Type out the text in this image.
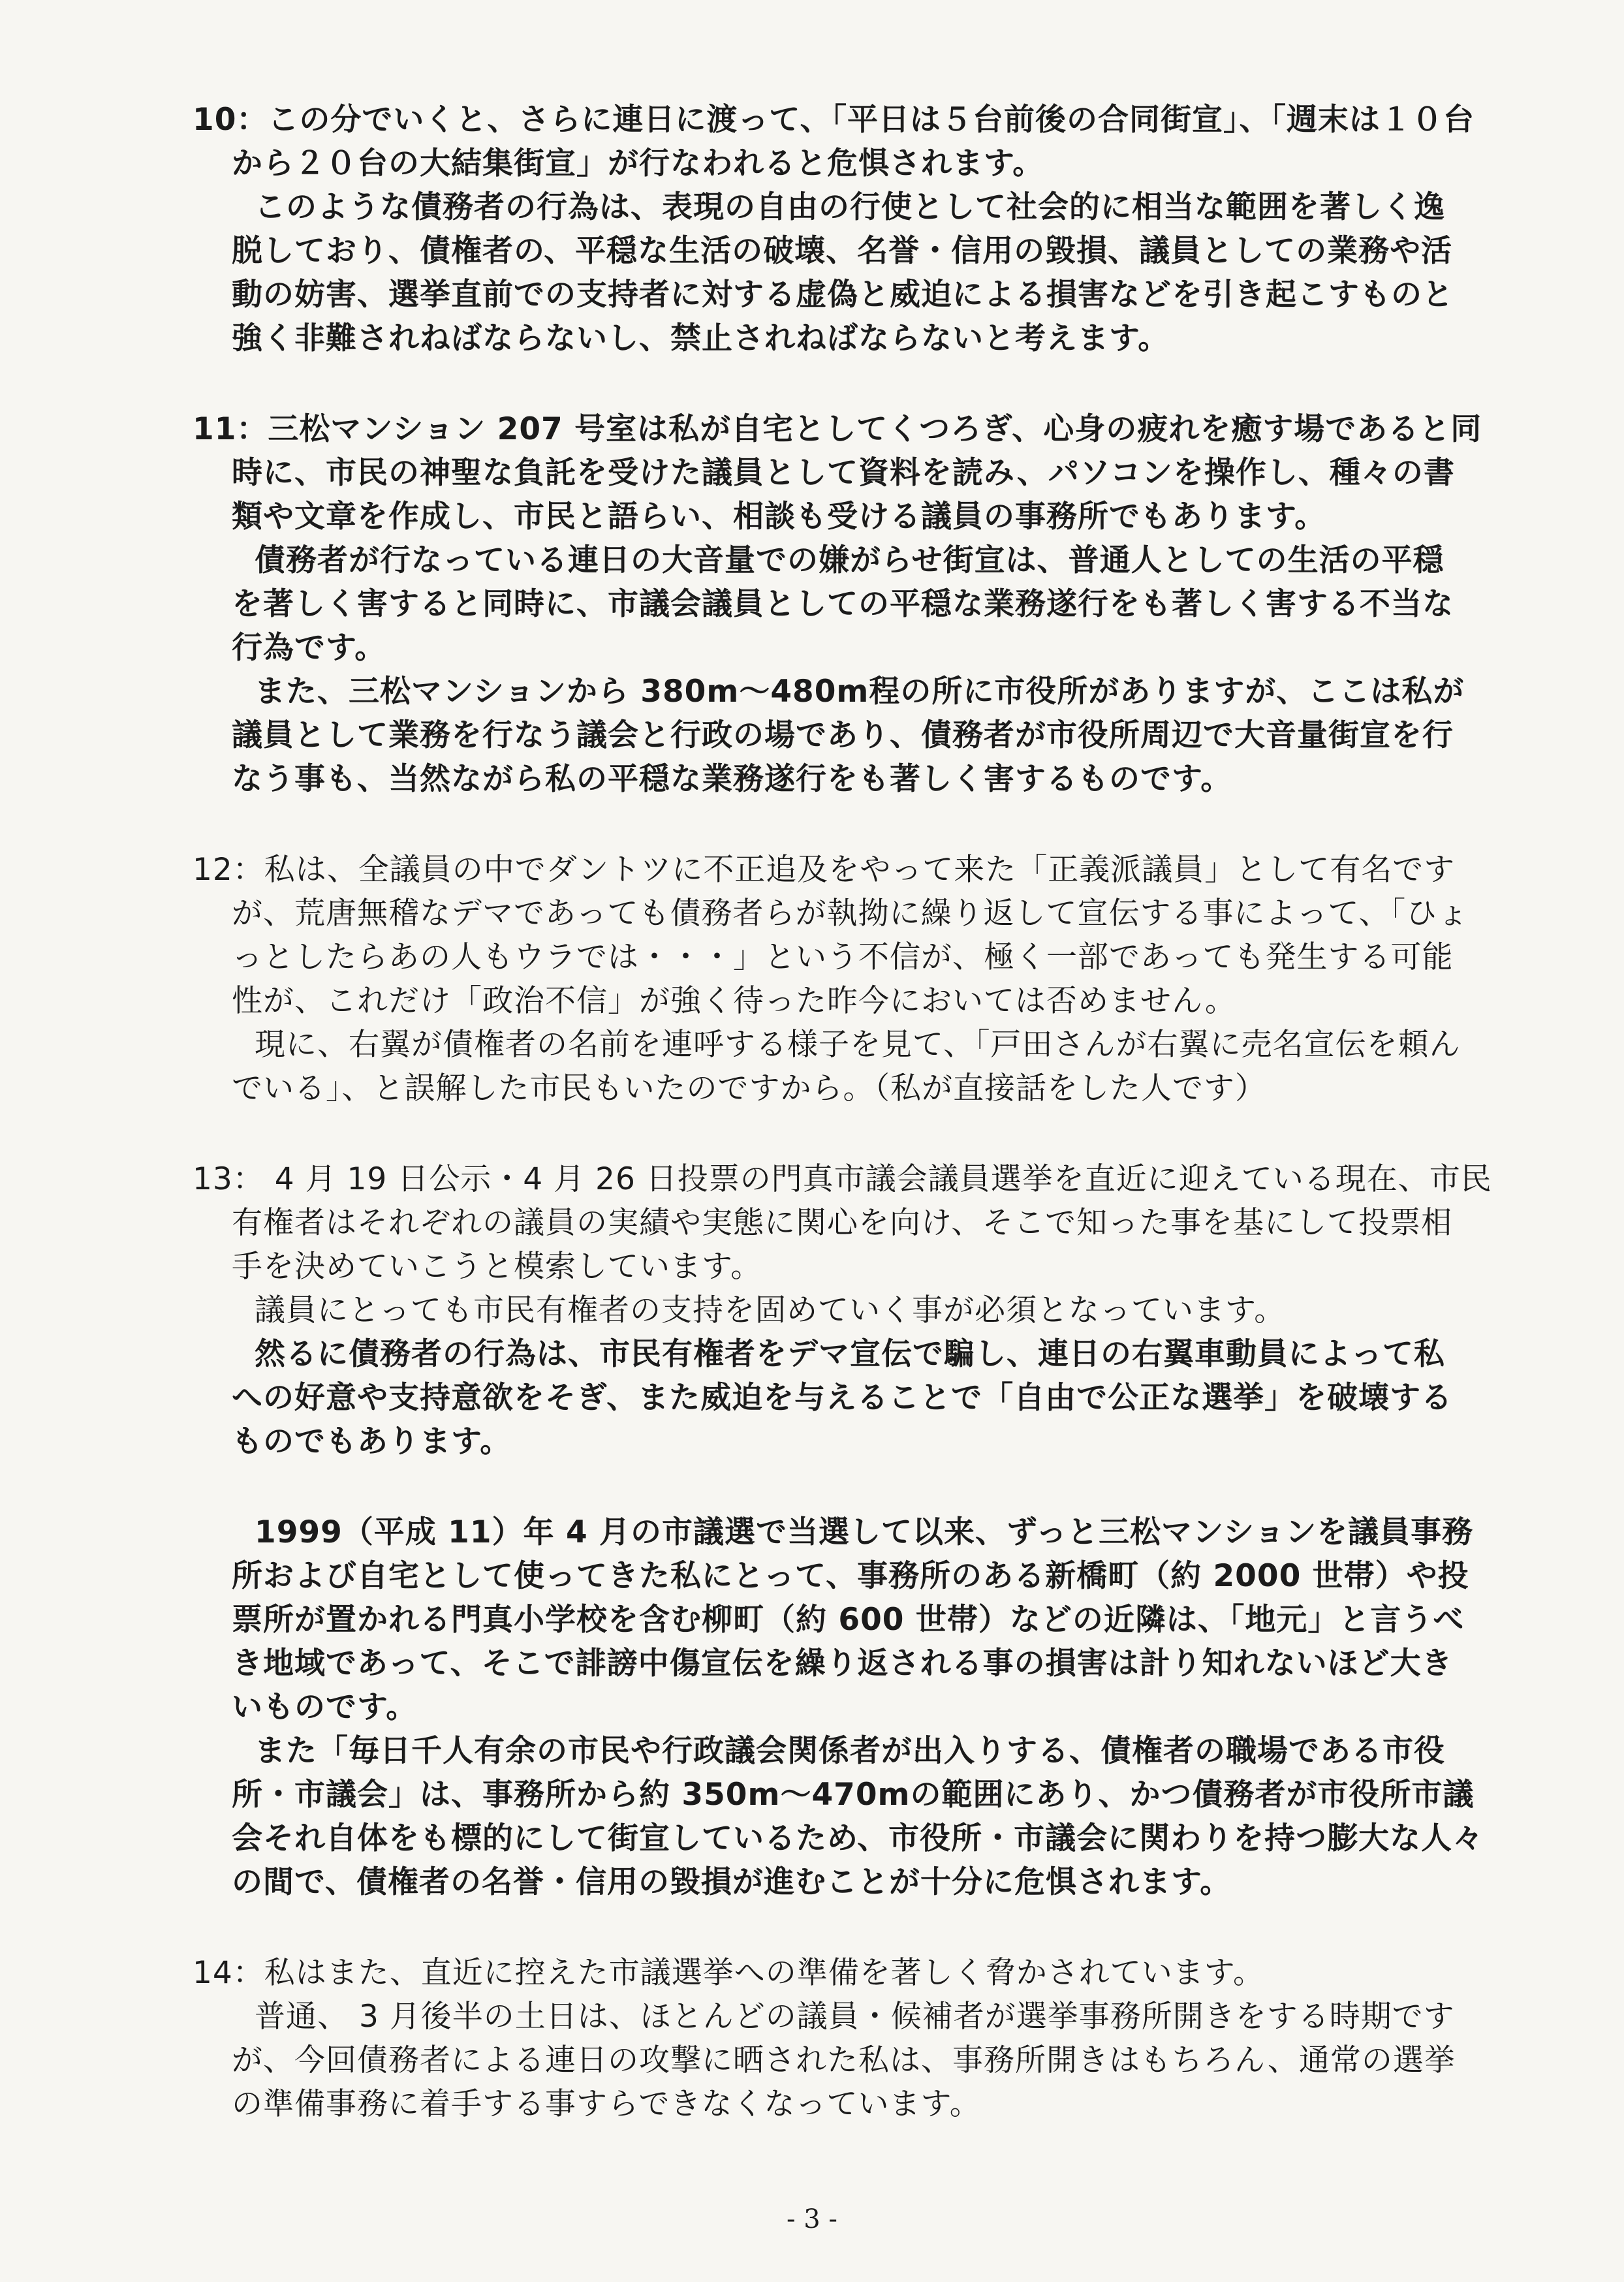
10：この分でいくと、さらに連日に渡って、「平日は５台前後の合同街宣」、「週末は１０台
から２０台の大結集街宣」が行なわれると危惧されます。
このような債務者の行為は、表現の自由の行使として社会的に相当な範囲を著しく逸
脱しており、債権者の、平穏な生活の破壊、名誉・信用の毀損、議員としての業務や活
動の妨害、選挙直前での支持者に対する虚偽と威迫による損害などを引き起こすものと
強く非難されねばならないし、禁止されねばならないと考えます。
11：三松マンション 207 号室は私が自宅としてくつろぎ、心身の疲れを癒す場であると同
時に、市民の神聖な負託を受けた議員として資料を読み、パソコンを操作し、種々の書
類や文章を作成し、市民と語らい、相談も受ける議員の事務所でもあります。
債務者が行なっている連日の大音量での嫌がらせ街宣は、普通人としての生活の平穏
を著しく害すると同時に、市議会議員としての平穏な業務遂行をも著しく害する不当な
行為です。
また、三松マンションから 380m～480m程の所に市役所がありますが、ここは私が
議員として業務を行なう議会と行政の場であり、債務者が市役所周辺で大音量街宣を行
なう事も、当然ながら私の平穏な業務遂行をも著しく害するものです。
12：私は、全議員の中でダントツに不正追及をやって来た「正義派議員」として有名です
が、荒唐無稽なデマであっても債務者らが執拗に繰り返して宣伝する事によって、「ひょ
っとしたらあの人もウラでは・・・」という不信が、極く一部であっても発生する可能
性が、これだけ「政治不信」が強く待った昨今においては否めません。
現に、右翼が債権者の名前を連呼する様子を見て、「戸田さんが右翼に売名宣伝を頼ん
でいる」、と誤解した市民もいたのですから。（私が直接話をした人です）
13： 4 月 19 日公示・4 月 26 日投票の門真市議会議員選挙を直近に迎えている現在、市民
有権者はそれぞれの議員の実績や実態に関心を向け、そこで知った事を基にして投票相
手を決めていこうと模索しています。
議員にとっても市民有権者の支持を固めていく事が必須となっています。
然るに債務者の行為は、市民有権者をデマ宣伝で騙し、連日の右翼車動員によって私
への好意や支持意欲をそぎ、また威迫を与えることで「自由で公正な選挙」を破壊する
ものでもあります。
1999（平成 11）年 4 月の市議選で当選して以来、ずっと三松マンションを議員事務
所および自宅として使ってきた私にとって、事務所のある新橋町（約 2000 世帯）や投
票所が置かれる門真小学校を含む柳町（約 600 世帯）などの近隣は、「地元」と言うべ
き地域であって、そこで誹謗中傷宣伝を繰り返される事の損害は計り知れないほど大き
いものです。
また「毎日千人有余の市民や行政議会関係者が出入りする、債権者の職場である市役
所・市議会」は、事務所から約 350m～470mの範囲にあり、かつ債務者が市役所市議
会それ自体をも標的にして街宣しているため、市役所・市議会に関わりを持つ膨大な人々
の間で、債権者の名誉・信用の毀損が進むことが十分に危惧されます。
14：私はまた、直近に控えた市議選挙への準備を著しく脅かされています。
普通、 3 月後半の土日は、ほとんどの議員・候補者が選挙事務所開きをする時期です
が、今回債務者による連日の攻撃に晒された私は、事務所開きはもちろん、通常の選挙
の準備事務に着手する事すらできなくなっています。
- 3 -
